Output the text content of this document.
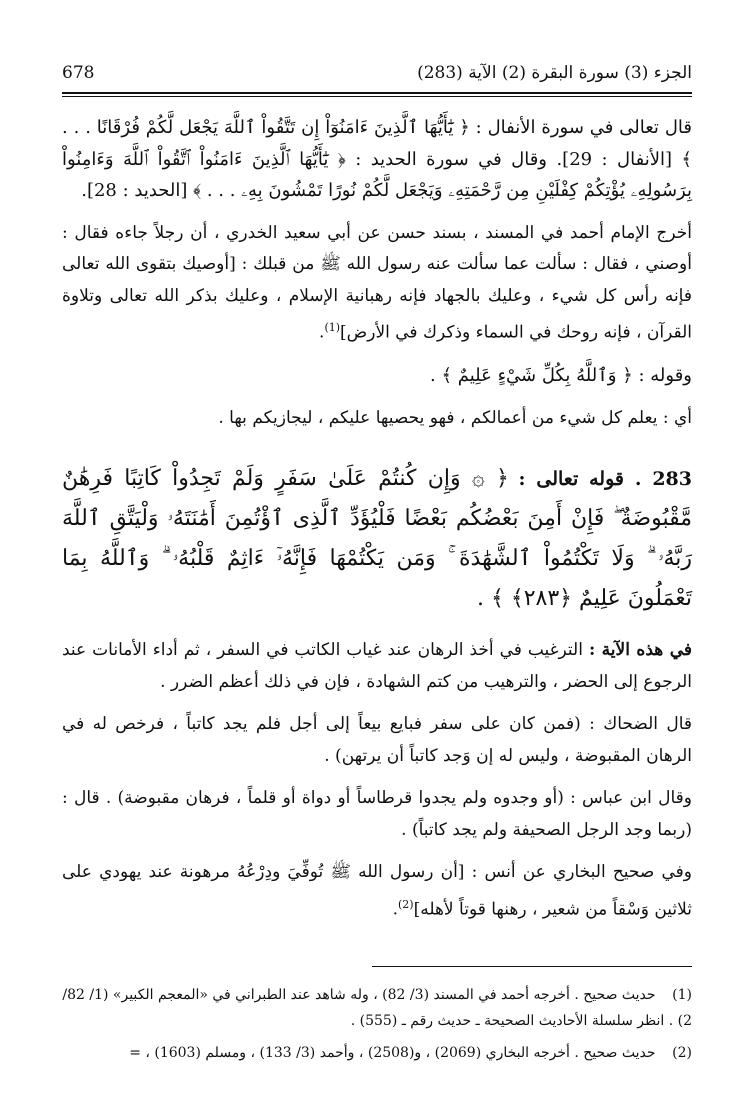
678	الجزء (3) سورة البقرة (2) الآية (283)

قال تعالى في سورة الأنفال : ﴿ يَٰٓأَيُّهَا ٱلَّذِينَ ءَامَنُوٓاْ إِن تَتَّقُواْ ٱللَّهَ يَجْعَل لَّكُمْ فُرْقَانًا . . . ﴾ [الأنفال : 29]. وقال في سورة الحديد : ﴿ يَٰٓأَيُّهَا ٱلَّذِينَ ءَامَنُواْ ٱتَّقُواْ ٱللَّهَ وَءَامِنُواْ بِرَسُولِهِۦ يُؤْتِكُمْ كِفْلَيْنِ مِن رَّحْمَتِهِۦ وَيَجْعَل لَّكُمْ نُورًا تَمْشُونَ بِهِۦ . . . ﴾ [الحديد : 28].

أخرج الإمام أحمد في المسند ، بسند حسن عن أبي سعيد الخدري ، أن رجلاً جاءه فقال : أوصني ، فقال : سألت عما سألت عنه رسول الله ﷺ من قبلك : [أوصيك بتقوى الله تعالى فإنه رأس كل شيء ، وعليك بالجهاد فإنه رهبانية الإسلام ، وعليك بذكر الله تعالى وتلاوة القرآن ، فإنه روحك في السماء وذكرك في الأرض]$^{(1)}$.

وقوله : ﴿ وَٱللَّهُ بِكُلِّ شَيْءٍ عَلِيمٌ ﴾ .

أي : يعلم كل شيء من أعمالكم ، فهو يحصيها عليكم ، ليجازيكم بها .

283 . قوله تعالى : ﴿ ۞ وَإِن كُنتُمْ عَلَىٰ سَفَرٍ وَلَمْ تَجِدُواْ كَاتِبًا فَرِهَٰنٌ مَّقْبُوضَةٌ ۖ فَإِنْ أَمِنَ بَعْضُكُم بَعْضًا فَلْيُؤَدِّ ٱلَّذِى ٱؤْتُمِنَ أَمَٰنَتَهُۥ وَلْيَتَّقِ ٱللَّهَ رَبَّهُۥ ۗ وَلَا تَكْتُمُواْ ٱلشَّهَٰدَةَ ۚ وَمَن يَكْتُمْهَا فَإِنَّهُۥٓ ءَاثِمٌ قَلْبُهُۥ ۗ وَٱللَّهُ بِمَا تَعْمَلُونَ عَلِيمٌ ﴿٢٨٣﴾ ﴾ .

في هذه الآية : الترغيب في أخذ الرهان عند غياب الكاتب في السفر ، ثم أداء الأمانات عند الرجوع إلى الحضر ، والترهيب من كتم الشهادة ، فإن في ذلك أعظم الضرر .

قال الضحاك : (فمن كان على سفر فبايع بيعاً إلى أجل فلم يجد كاتباً ، فرخص له في الرهان المقبوضة ، وليس له إن وَجد كاتباً أن يرتهن) .

وقال ابن عباس : (أو وجدوه ولم يجدوا قرطاساً أو دواة أو قلماً ، فرهان مقبوضة) . قال : (ربما وجد الرجل الصحيفة ولم يجد كاتباً) .

وفي صحيح البخاري عن أنس : [أن رسول الله ﷺ تُوفِّيَ ودِرْعُهُ مرهونة عند يهودي على ثلاثين وَسْقاً من شعير ، رهنها قوتاً لأهله]$^{(2)}$.

(1) حديث صحيح . أخرجه أحمد في المسند (3/ 82) ، وله شاهد عند الطبراني في «المعجم الكبير» (1/ 82/ 2) . انظر سلسلة الأحاديث الصحيحة ـ حديث رقم ـ (555) .

(2) حديث صحيح . أخرجه البخاري (2069) ، و(2508) ، وأحمد (3/ 133) ، ومسلم (1603) ، =
